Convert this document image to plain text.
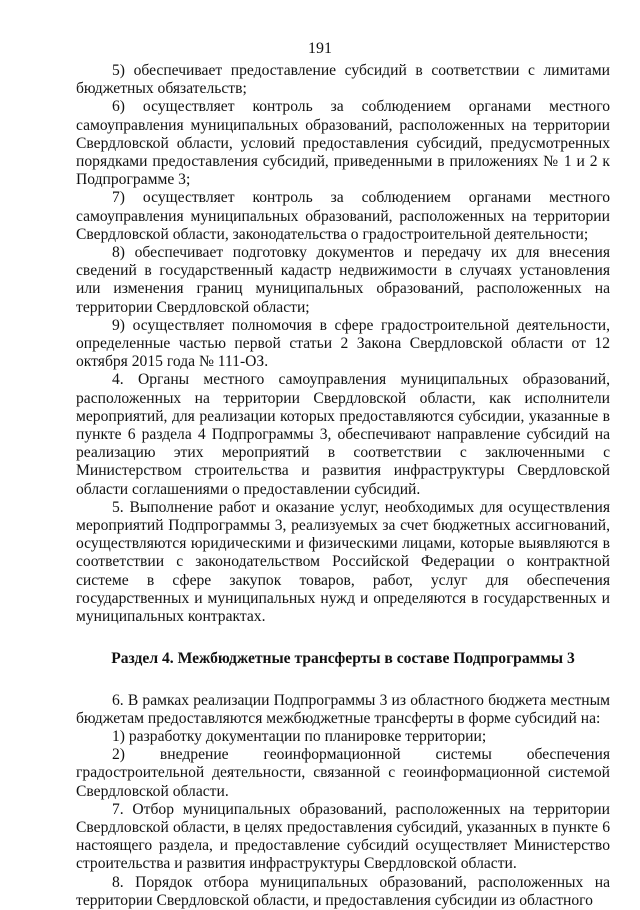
191

5) обеспечивает предоставление субсидий в соответствии с лимитами бюджетных обязательств;

6) осуществляет контроль за соблюдением органами местного самоуправления муниципальных образований, расположенных на территории Свердловской области, условий предоставления субсидий, предусмотренных порядками предоставления субсидий, приведенными в приложениях № 1 и 2 к Подпрограмме 3;

7) осуществляет контроль за соблюдением органами местного самоуправления муниципальных образований, расположенных на территории Свердловской области, законодательства о градостроительной деятельности;

8) обеспечивает подготовку документов и передачу их для внесения сведений в государственный кадастр недвижимости в случаях установления или изменения границ муниципальных образований, расположенных на территории Свердловской области;

9) осуществляет полномочия в сфере градостроительной деятельности, определенные частью первой статьи 2 Закона Свердловской области от 12 октября 2015 года № 111-ОЗ.

4. Органы местного самоуправления муниципальных образований, расположенных на территории Свердловской области, как исполнители мероприятий, для реализации которых предоставляются субсидии, указанные в пункте 6 раздела 4 Подпрограммы 3, обеспечивают направление субсидий на реализацию этих мероприятий в соответствии с заключенными с Министерством строительства и развития инфраструктуры Свердловской области соглашениями о предоставлении субсидий.

5. Выполнение работ и оказание услуг, необходимых для осуществления мероприятий Подпрограммы 3, реализуемых за счет бюджетных ассигнований, осуществляются юридическими и физическими лицами, которые выявляются в соответствии с законодательством Российской Федерации о контрактной системе в сфере закупок товаров, работ, услуг для обеспечения государственных и муниципальных нужд и определяются в государственных и муниципальных контрактах.

Раздел 4. Межбюджетные трансферты в составе Подпрограммы 3

6. В рамках реализации Подпрограммы 3 из областного бюджета местным бюджетам предоставляются межбюджетные трансферты в форме субсидий на:

1) разработку документации по планировке территории;

2) внедрение геоинформационной системы обеспечения градостроительной деятельности, связанной с геоинформационной системой Свердловской области.

7. Отбор муниципальных образований, расположенных на территории Свердловской области, в целях предоставления субсидий, указанных в пункте 6 настоящего раздела, и предоставление субсидий осуществляет Министерство строительства и развития инфраструктуры Свердловской области.

8. Порядок отбора муниципальных образований, расположенных на территории Свердловской области, и предоставления субсидии из областного
